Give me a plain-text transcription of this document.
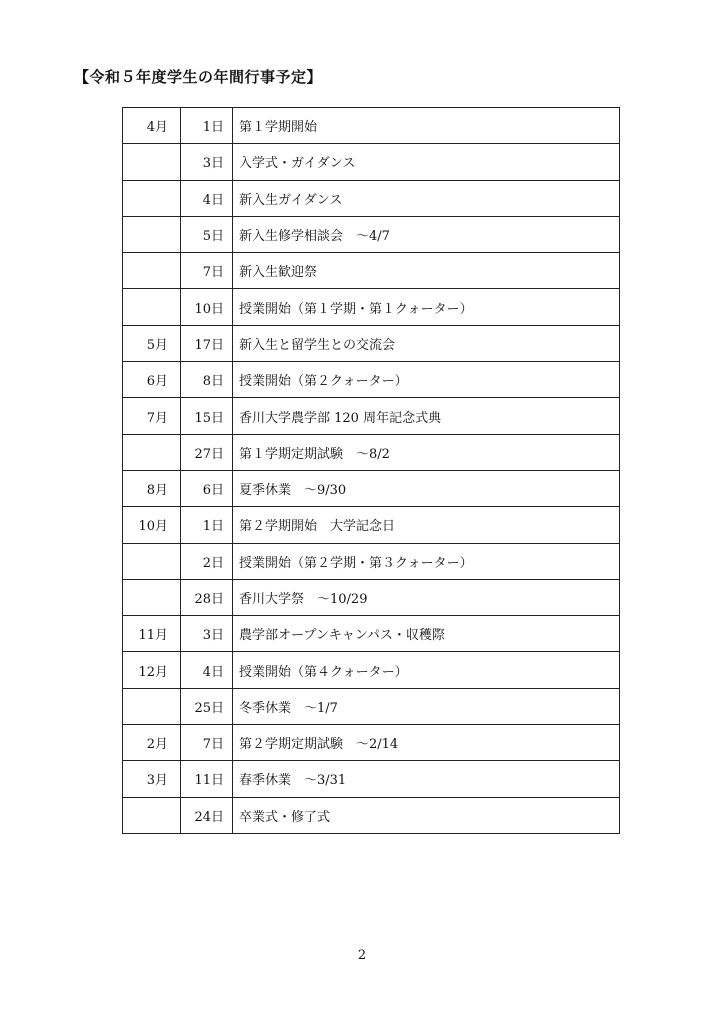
【令和５年度学生の年間行事予定】
4月	1日	第１学期開始
	3日	入学式・ガイダンス
	4日	新入生ガイダンス
	5日	新入生修学相談会　～4/7
	7日	新入生歓迎祭
	10日	授業開始（第１学期・第１クォーター）
5月	17日	新入生と留学生との交流会
6月	8日	授業開始（第２クォーター）
7月	15日	香川大学農学部 120 周年記念式典
	27日	第１学期定期試験　～8/2
8月	6日	夏季休業　～9/30
10月	1日	第２学期開始　大学記念日
	2日	授業開始（第２学期・第３クォーター）
	28日	香川大学祭　～10/29
11月	3日	農学部オープンキャンパス・収穫際
12月	4日	授業開始（第４クォーター）
	25日	冬季休業　～1/7
2月	7日	第２学期定期試験　～2/14
3月	11日	春季休業　～3/31
	24日	卒業式・修了式
2
